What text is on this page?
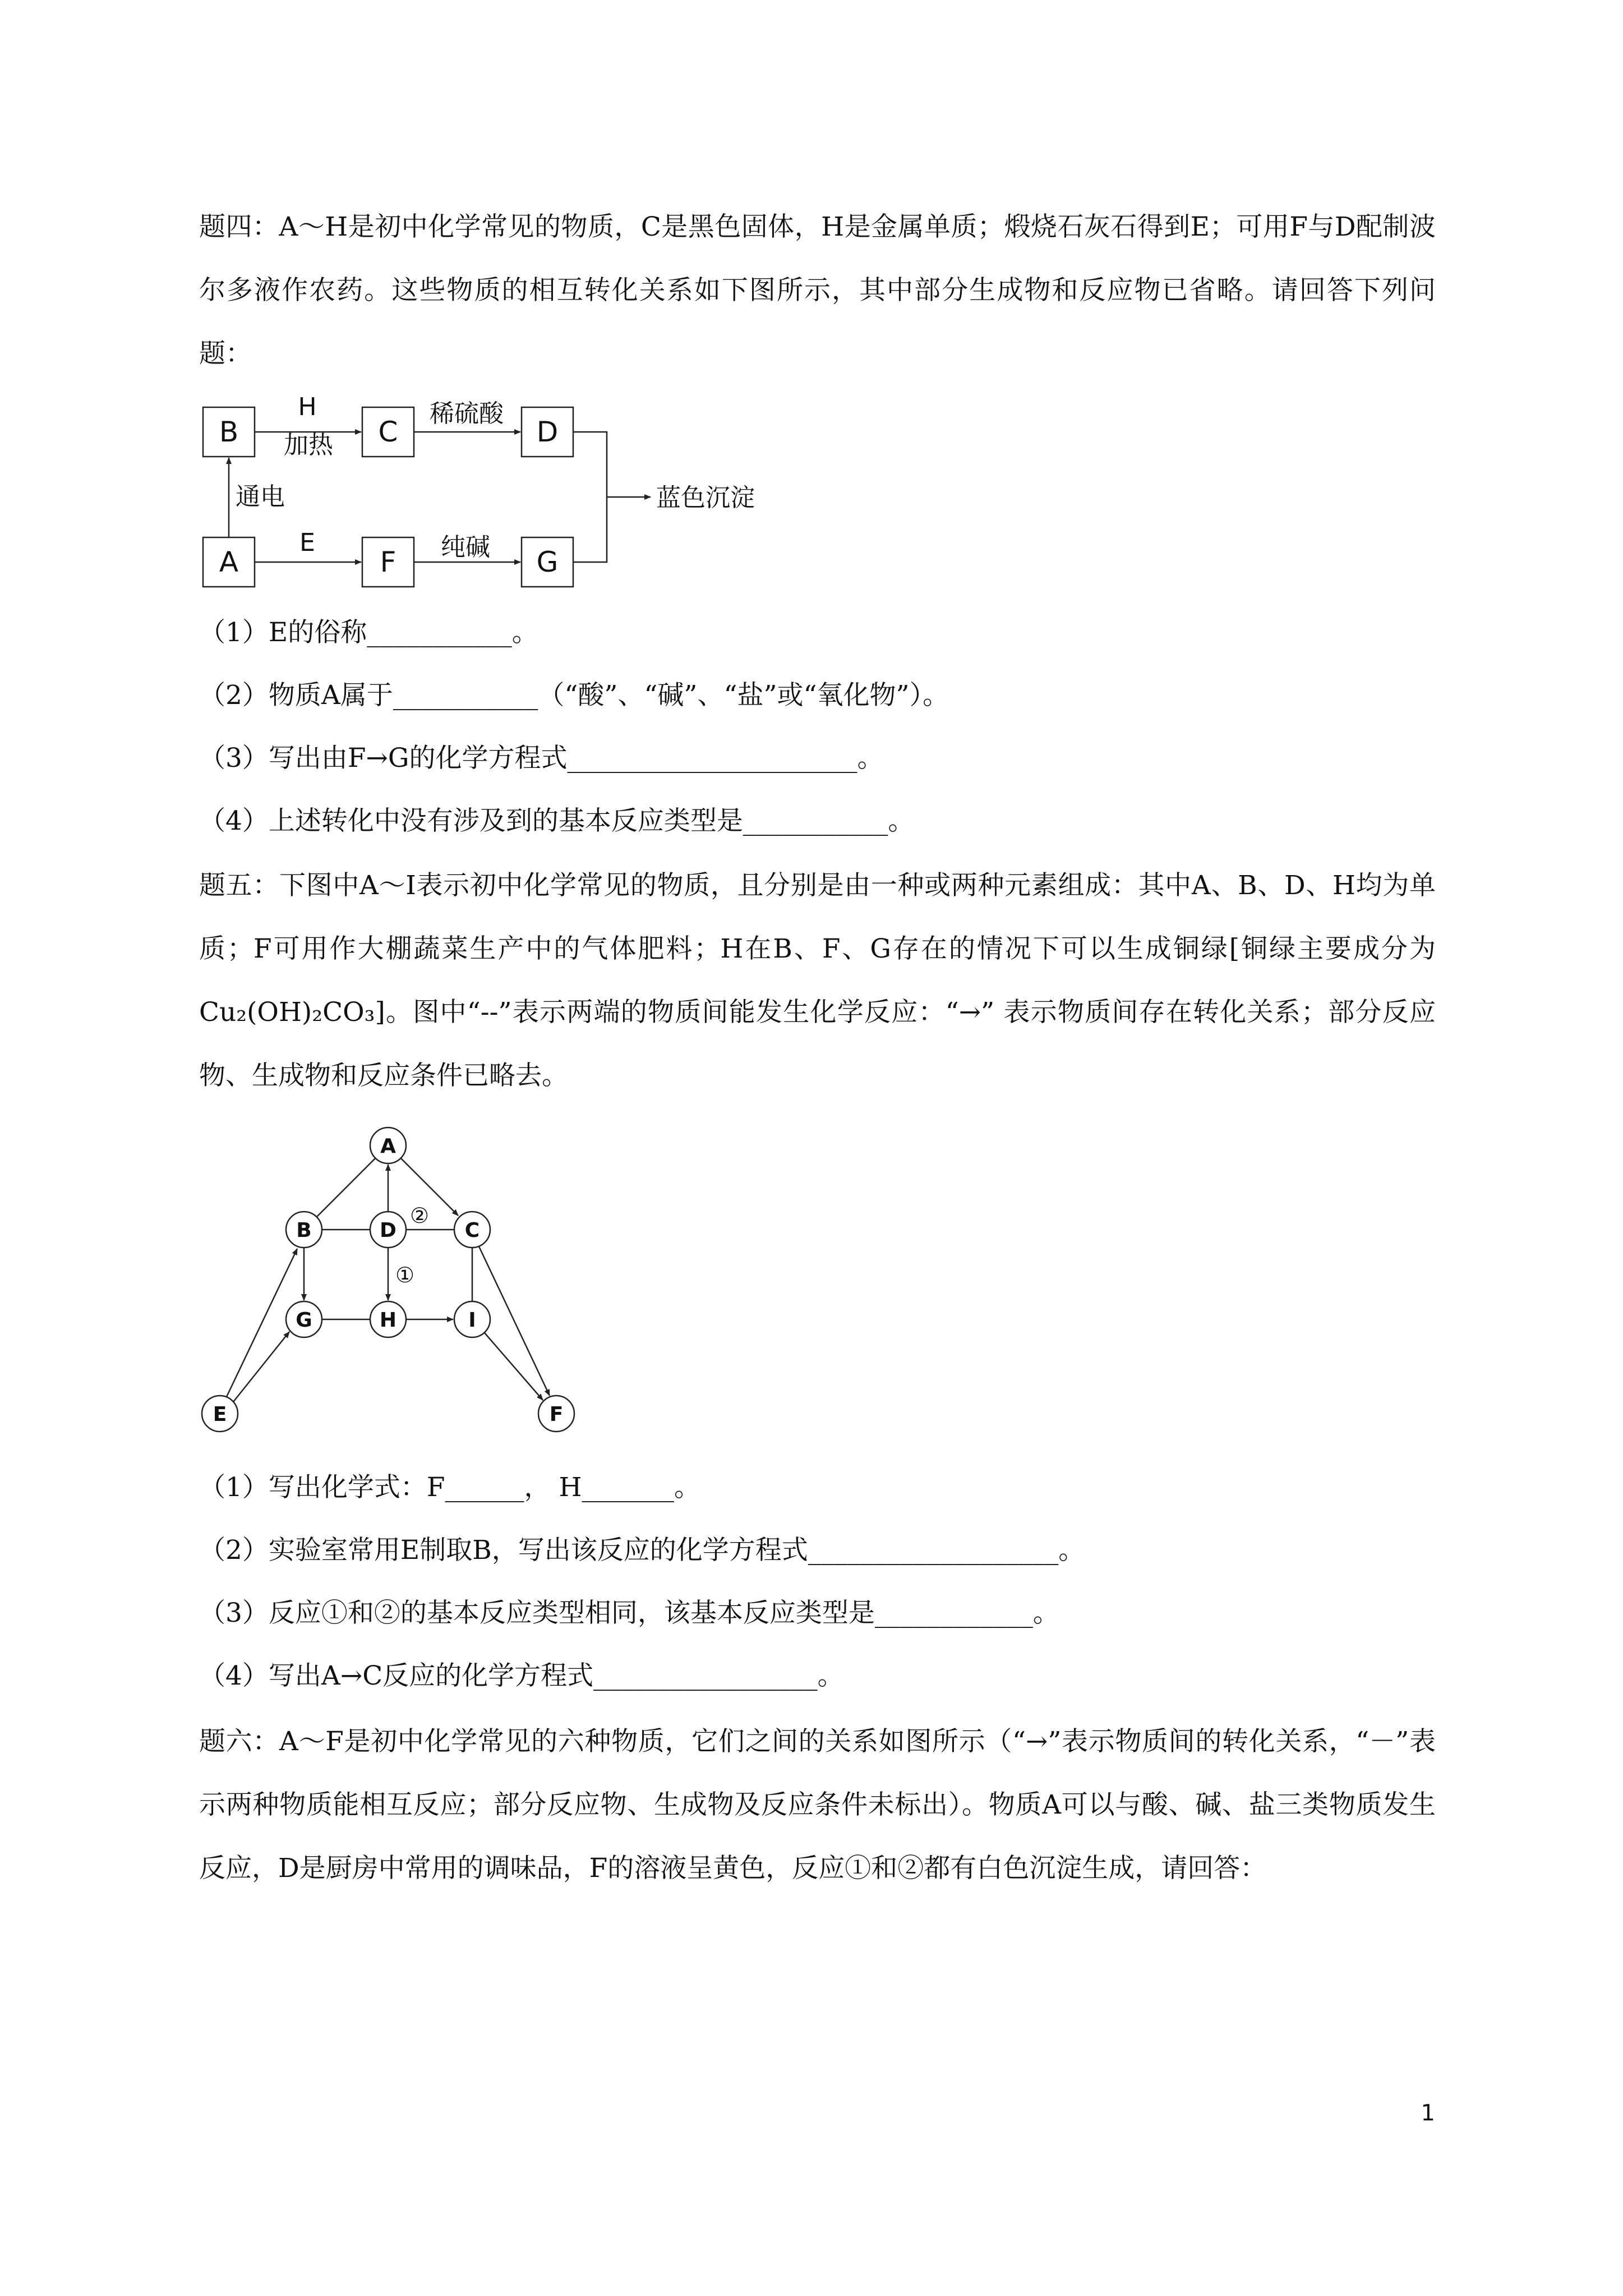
题四：A～H是初中化学常见的物质，C是黑色固体，H是金属单质；煅烧石灰石得到E；可用F与D配制波尔多液作农药。这些物质的相互转化关系如下图所示，其中部分生成物和反应物已省略。请回答下列问题：
B	C	D
A	F	G
H
加热
稀硫酸
通电
E	纯碱
蓝色沉淀
（1）E的俗称___________。
（2）物质A属于___________（“酸”、“碱”、“盐”或“氧化物”）。
（3）写出由F→G的化学方程式______________________。
（4）上述转化中没有涉及到的基本反应类型是___________。
题五：下图中A～I表示初中化学常见的物质，且分别是由一种或两种元素组成：其中A、B、D、H均为单质；F可用作大棚蔬菜生产中的气体肥料；H在B、F、G存在的情况下可以生成铜绿[铜绿主要成分为Cu₂(OH)₂CO₃]。图中“--”表示两端的物质间能发生化学反应：“→” 表示物质间存在转化关系；部分反应物、生成物和反应条件已略去。
A
B	D	C
G	H	I
E	F
②
①
（1）写出化学式：F______， H_______。
（2）实验室常用E制取B，写出该反应的化学方程式___________________。
（3）反应①和②的基本反应类型相同，该基本反应类型是____________。
（4）写出A→C反应的化学方程式_________________。
题六：A～F是初中化学常见的六种物质，它们之间的关系如图所示（“→”表示物质间的转化关系，“－”表示两种物质能相互反应；部分反应物、生成物及反应条件未标出）。物质A可以与酸、碱、盐三类物质发生反应，D是厨房中常用的调味品，F的溶液呈黄色，反应①和②都有白色沉淀生成，请回答：
1
